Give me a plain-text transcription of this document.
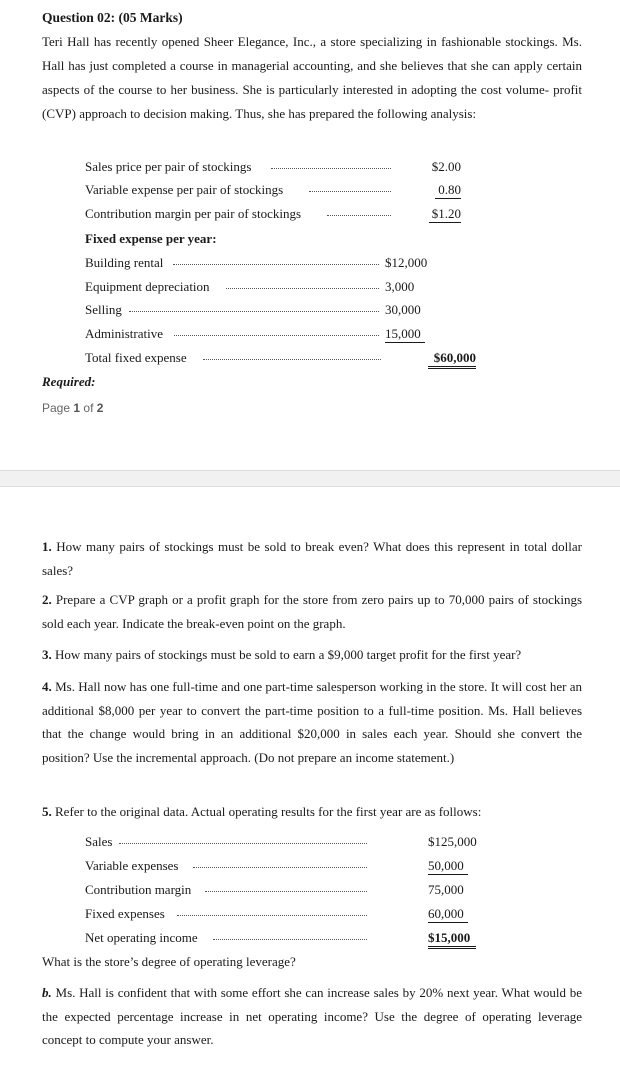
Question 02: (05 Marks)
Teri Hall has recently opened Sheer Elegance, Inc., a store specializing in fashionable stockings. Ms. Hall has just completed a course in managerial accounting, and she believes that she can apply certain aspects of the course to her business. She is particularly interested in adopting the cost volume- profit (CVP) approach to decision making. Thus, she has prepared the following analysis:
Sales price per pair of stockings	$2.00
Variable expense per pair of stockings	0.80
Contribution margin per pair of stockings	$1.20
Fixed expense per year:
Building rental	$12,000
Equipment depreciation	3,000
Selling	30,000
Administrative	15,000
Total fixed expense	$60,000
Required:
Page 1 of 2
1. How many pairs of stockings must be sold to break even? What does this represent in total dollar sales?
2. Prepare a CVP graph or a profit graph for the store from zero pairs up to 70,000 pairs of stockings sold each year. Indicate the break-even point on the graph.
3. How many pairs of stockings must be sold to earn a $9,000 target profit for the first year?
4. Ms. Hall now has one full-time and one part-time salesperson working in the store. It will cost her an additional $8,000 per year to convert the part-time position to a full-time position. Ms. Hall believes that the change would bring in an additional $20,000 in sales each year. Should she convert the position? Use the incremental approach. (Do not prepare an income statement.)
5. Refer to the original data. Actual operating results for the first year are as follows:
Sales	$125,000
Variable expenses	50,000
Contribution margin	75,000
Fixed expenses	60,000
Net operating income	$15,000
What is the store’s degree of operating leverage?
b. Ms. Hall is confident that with some effort she can increase sales by 20% next year. What would be the expected percentage increase in net operating income? Use the degree of operating leverage concept to compute your answer.
